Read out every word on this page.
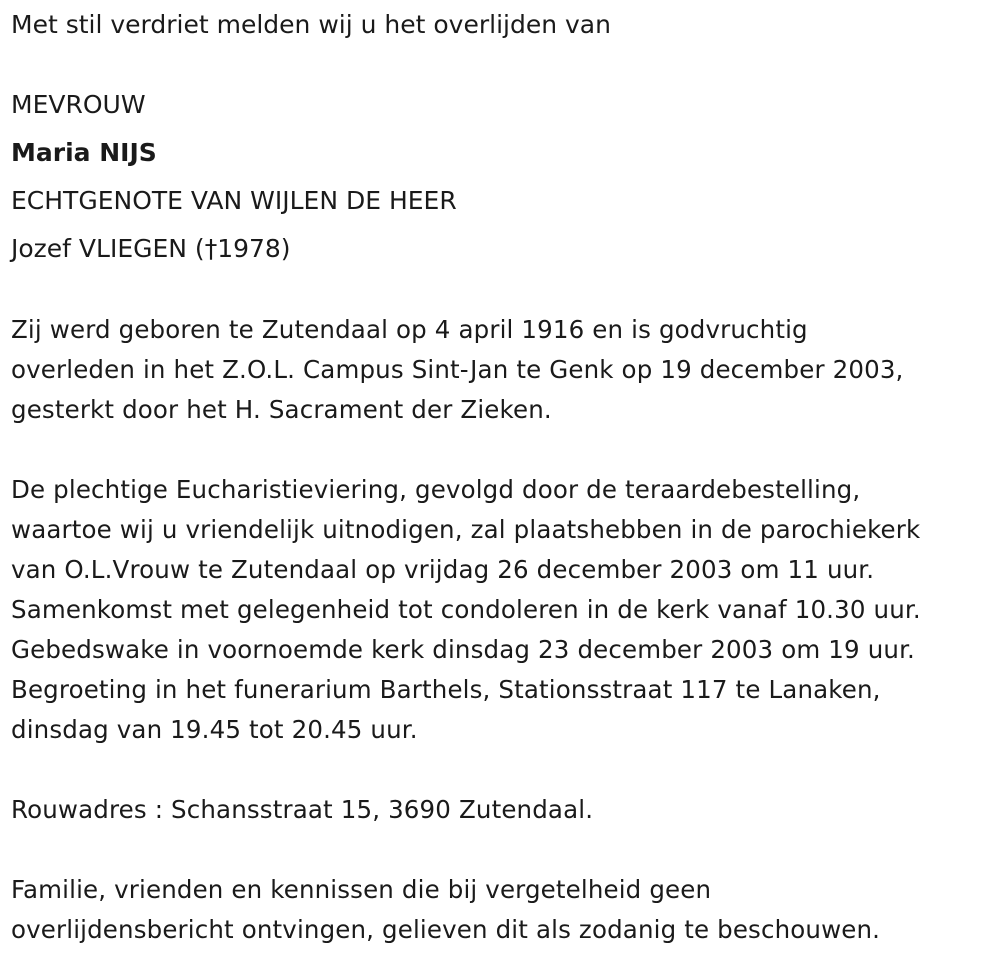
Met stil verdriet melden wij u het overlijden van
MEVROUW
Maria NIJS
ECHTGENOTE VAN WIJLEN DE HEER
Jozef VLIEGEN (†1978)
Zij werd geboren te Zutendaal op 4 april 1916 en is godvruchtig
overleden in het Z.O.L. Campus Sint-Jan te Genk op 19 december 2003,
gesterkt door het H. Sacrament der Zieken.
De plechtige Eucharistieviering, gevolgd door de teraardebestelling,
waartoe wij u vriendelijk uitnodigen, zal plaatshebben in de parochiekerk
van O.L.Vrouw te Zutendaal op vrijdag 26 december 2003 om 11 uur.
Samenkomst met gelegenheid tot condoleren in de kerk vanaf 10.30 uur.
Gebedswake in voornoemde kerk dinsdag 23 december 2003 om 19 uur.
Begroeting in het funerarium Barthels, Stationsstraat 117 te Lanaken,
dinsdag van 19.45 tot 20.45 uur.
Rouwadres : Schansstraat 15, 3690 Zutendaal.
Familie, vrienden en kennissen die bij vergetelheid geen
overlijdensbericht ontvingen, gelieven dit als zodanig te beschouwen.
